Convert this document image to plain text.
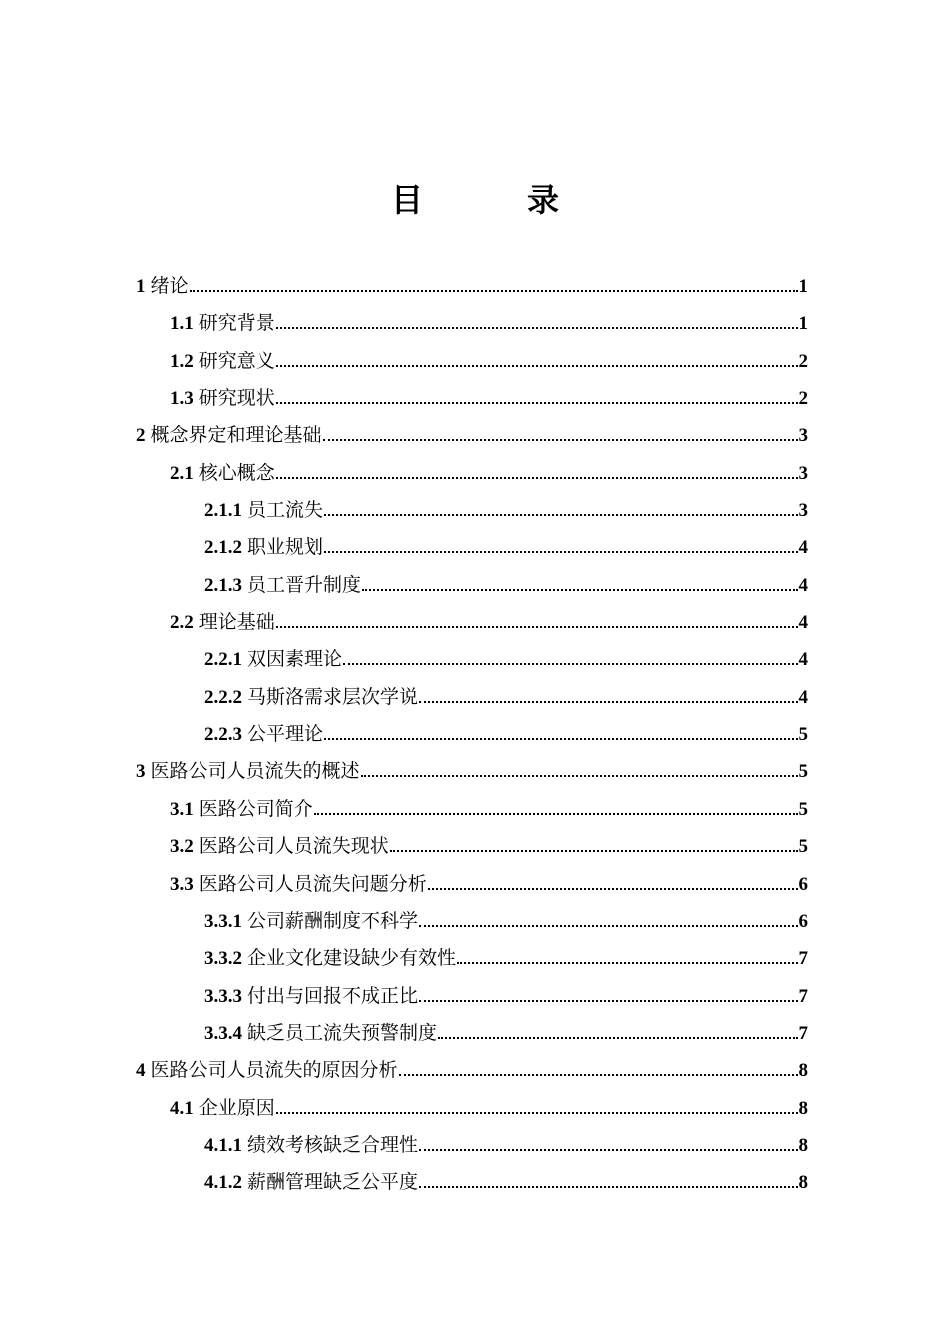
目　录
1 绪论	1
1.1 研究背景	1
1.2 研究意义	2
1.3 研究现状	2
2 概念界定和理论基础	3
2.1 核心概念	3
2.1.1 员工流失	3
2.1.2 职业规划	4
2.1.3 员工晋升制度	4
2.2 理论基础	4
2.2.1 双因素理论	4
2.2.2 马斯洛需求层次学说	4
2.2.3 公平理论	5
3 医路公司人员流失的概述	5
3.1 医路公司简介	5
3.2 医路公司人员流失现状	5
3.3 医路公司人员流失问题分析	6
3.3.1 公司薪酬制度不科学	6
3.3.2 企业文化建设缺少有效性	7
3.3.3 付出与回报不成正比	7
3.3.4 缺乏员工流失预警制度	7
4 医路公司人员流失的原因分析	8
4.1 企业原因	8
4.1.1 绩效考核缺乏合理性	8
4.1.2 薪酬管理缺乏公平度	8
